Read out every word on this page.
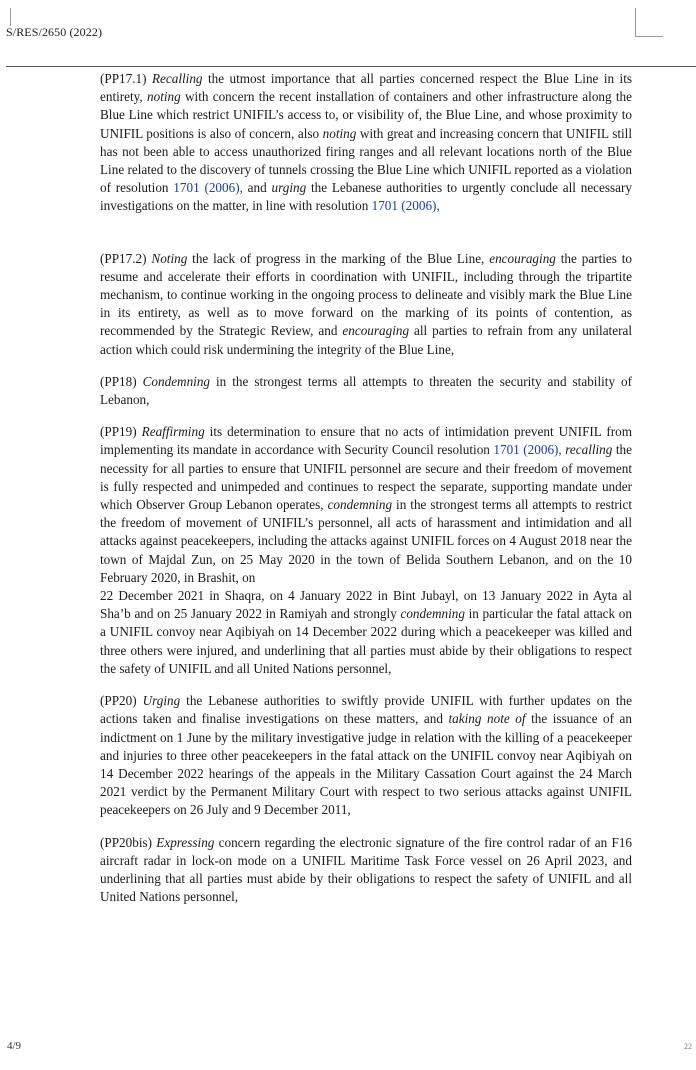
S/RES/2650 (2022)

(PP17.1) Recalling the utmost importance that all parties concerned respect the Blue Line in its entirety, noting with concern the recent installation of containers and other infrastructure along the Blue Line which restrict UNIFIL’s access to, or visibility of, the Blue Line, and whose proximity to UNIFIL positions is also of concern, also noting with great and increasing concern that UNIFIL still has not been able to access unauthorized firing ranges and all relevant locations north of the Blue Line related to the discovery of tunnels crossing the Blue Line which UNIFIL reported as a violation of resolution 1701 (2006), and urging the Lebanese authorities to urgently conclude all necessary investigations on the matter, in line with resolution 1701 (2006),

(PP17.2) Noting the lack of progress in the marking of the Blue Line, encouraging the parties to resume and accelerate their efforts in coordination with UNIFIL, including through the tripartite mechanism, to continue working in the ongoing process to delineate and visibly mark the Blue Line in its entirety, as well as to move forward on the marking of its points of contention, as recommended by the Strategic Review, and encouraging all parties to refrain from any unilateral action which could risk undermining the integrity of the Blue Line,

(PP18) Condemning in the strongest terms all attempts to threaten the security and stability of Lebanon,

(PP19) Reaffirming its determination to ensure that no acts of intimidation prevent UNIFIL from implementing its mandate in accordance with Security Council resolution 1701 (2006), recalling the necessity for all parties to ensure that UNIFIL personnel are secure and their freedom of movement is fully respected and unimpeded and continues to respect the separate, supporting mandate under which Observer Group Lebanon operates, condemning in the strongest terms all attempts to restrict the freedom of movement of UNIFIL’s personnel, all acts of harassment and intimidation and all attacks against peacekeepers, including the attacks against UNIFIL forces on 4 August 2018 near the town of Majdal Zun, on 25 May 2020 in the town of Belida Southern Lebanon, and on the 10 February 2020, in Brashit, on

22 December 2021 in Shaqra, on 4 January 2022 in Bint Jubayl, on 13 January 2022 in Ayta al Sha’b and on 25 January 2022 in Ramiyah and strongly condemning in particular the fatal attack on a UNIFIL convoy near Aqibiyah on 14 December 2022 during which a peacekeeper was killed and three others were injured, and underlining that all parties must abide by their obligations to respect the safety of UNIFIL and all United Nations personnel,

(PP20) Urging the Lebanese authorities to swiftly provide UNIFIL with further updates on the actions taken and finalise investigations on these matters, and taking note of the issuance of an indictment on 1 June by the military investigative judge in relation with the killing of a peacekeeper and injuries to three other peacekeepers in the fatal attack on the UNIFIL convoy near Aqibiyah on 14 December 2022 hearings of the appeals in the Military Cassation Court against the 24 March 2021 verdict by the Permanent Military Court with respect to two serious attacks against UNIFIL peacekeepers on 26 July and 9 December 2011,

(PP20bis) Expressing concern regarding the electronic signature of the fire control radar of an F16 aircraft radar in lock-on mode on a UNIFIL Maritime Task Force vessel on 26 April 2023, and underlining that all parties must abide by their obligations to respect the safety of UNIFIL and all United Nations personnel,

4/9	22
